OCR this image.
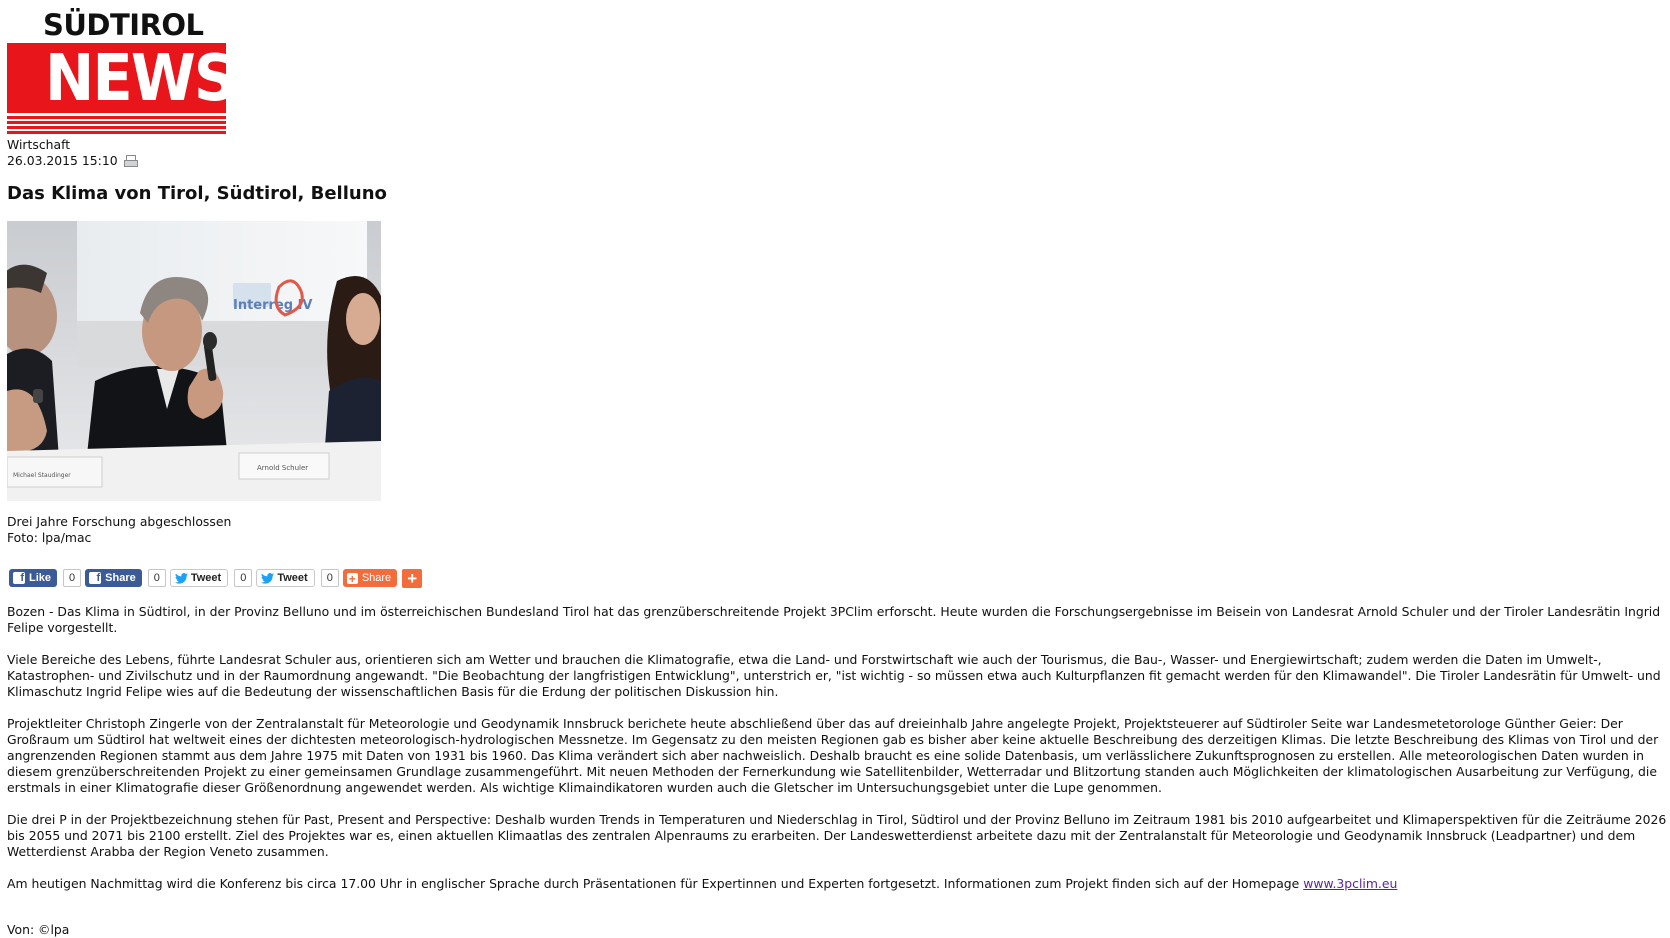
SÜDTIROL
NEWS
Wirtschaft
26.03.2015 15:10
Das Klima von Tirol, Südtirol, Belluno
Interreg IV
Michael Staudinger
Arnold Schuler
Drei Jahre Forschung abgeschlossen
Foto: lpa/mac
f Like	0	f Share	0	Tweet	0	Tweet	0	+ Share +

Bozen - Das Klima in Südtirol, in der Provinz Belluno und im österreichischen Bundesland Tirol hat das grenzüberschreitende Projekt 3PClim erforscht. Heute wurden die Forschungsergebnisse im Beisein von Landesrat Arnold Schuler und der Tiroler Landesrätin Ingrid Felipe vorgestellt.

Viele Bereiche des Lebens, führte Landesrat Schuler aus, orientieren sich am Wetter und brauchen die Klimatografie, etwa die Land- und Forstwirtschaft wie auch der Tourismus, die Bau-, Wasser- und Energiewirtschaft; zudem werden die Daten im Umwelt-, Katastrophen- und Zivilschutz und in der Raumordnung angewandt. "Die Beobachtung der langfristigen Entwicklung", unterstrich er, "ist wichtig - so müssen etwa auch Kulturpflanzen fit gemacht werden für den Klimawandel". Die Tiroler Landesrätin für Umwelt- und Klimaschutz Ingrid Felipe wies auf die Bedeutung der wissenschaftlichen Basis für die Erdung der politischen Diskussion hin.

Projektleiter Christoph Zingerle von der Zentralanstalt für Meteorologie und Geodynamik Innsbruck berichete heute abschließend über das auf dreieinhalb Jahre angelegte Projekt, Projektsteuerer auf Südtiroler Seite war Landesmetetorologe Günther Geier: Der Großraum um Südtirol hat weltweit eines der dichtesten meteorologisch-hydrologischen Messnetze. Im Gegensatz zu den meisten Regionen gab es bisher aber keine aktuelle Beschreibung des derzeitigen Klimas. Die letzte Beschreibung des Klimas von Tirol und der angrenzenden Regionen stammt aus dem Jahre 1975 mit Daten von 1931 bis 1960. Das Klima verändert sich aber nachweislich. Deshalb braucht es eine solide Datenbasis, um verlässlichere Zukunftsprognosen zu erstellen. Alle meteorologischen Daten wurden in diesem grenzüberschreitenden Projekt zu einer gemeinsamen Grundlage zusammengeführt. Mit neuen Methoden der Fernerkundung wie Satellitenbilder, Wetterradar und Blitzortung standen auch Möglichkeiten der klimatologischen Ausarbeitung zur Verfügung, die erstmals in einer Klimatografie dieser Größenordnung angewendet werden. Als wichtige Klimaindikatoren wurden auch die Gletscher im Untersuchungsgebiet unter die Lupe genommen.

Die drei P in der Projektbezeichnung stehen für Past, Present and Perspective: Deshalb wurden Trends in Temperaturen und Niederschlag in Tirol, Südtirol und der Provinz Belluno im Zeitraum 1981 bis 2010 aufgearbeitet und Klimaperspektiven für die Zeiträume 2026 bis 2055 und 2071 bis 2100 erstellt. Ziel des Projektes war es, einen aktuellen Klimaatlas des zentralen Alpenraums zu erarbeiten. Der Landeswetterdienst arbeitete dazu mit der Zentralanstalt für Meteorologie und Geodynamik Innsbruck (Leadpartner) und dem Wetterdienst Arabba der Region Veneto zusammen.

Am heutigen Nachmittag wird die Konferenz bis circa 17.00 Uhr in englischer Sprache durch Präsentationen für Expertinnen und Experten fortgesetzt. Informationen zum Projekt finden sich auf der Homepage www.3pclim.eu

Von: ©lpa
